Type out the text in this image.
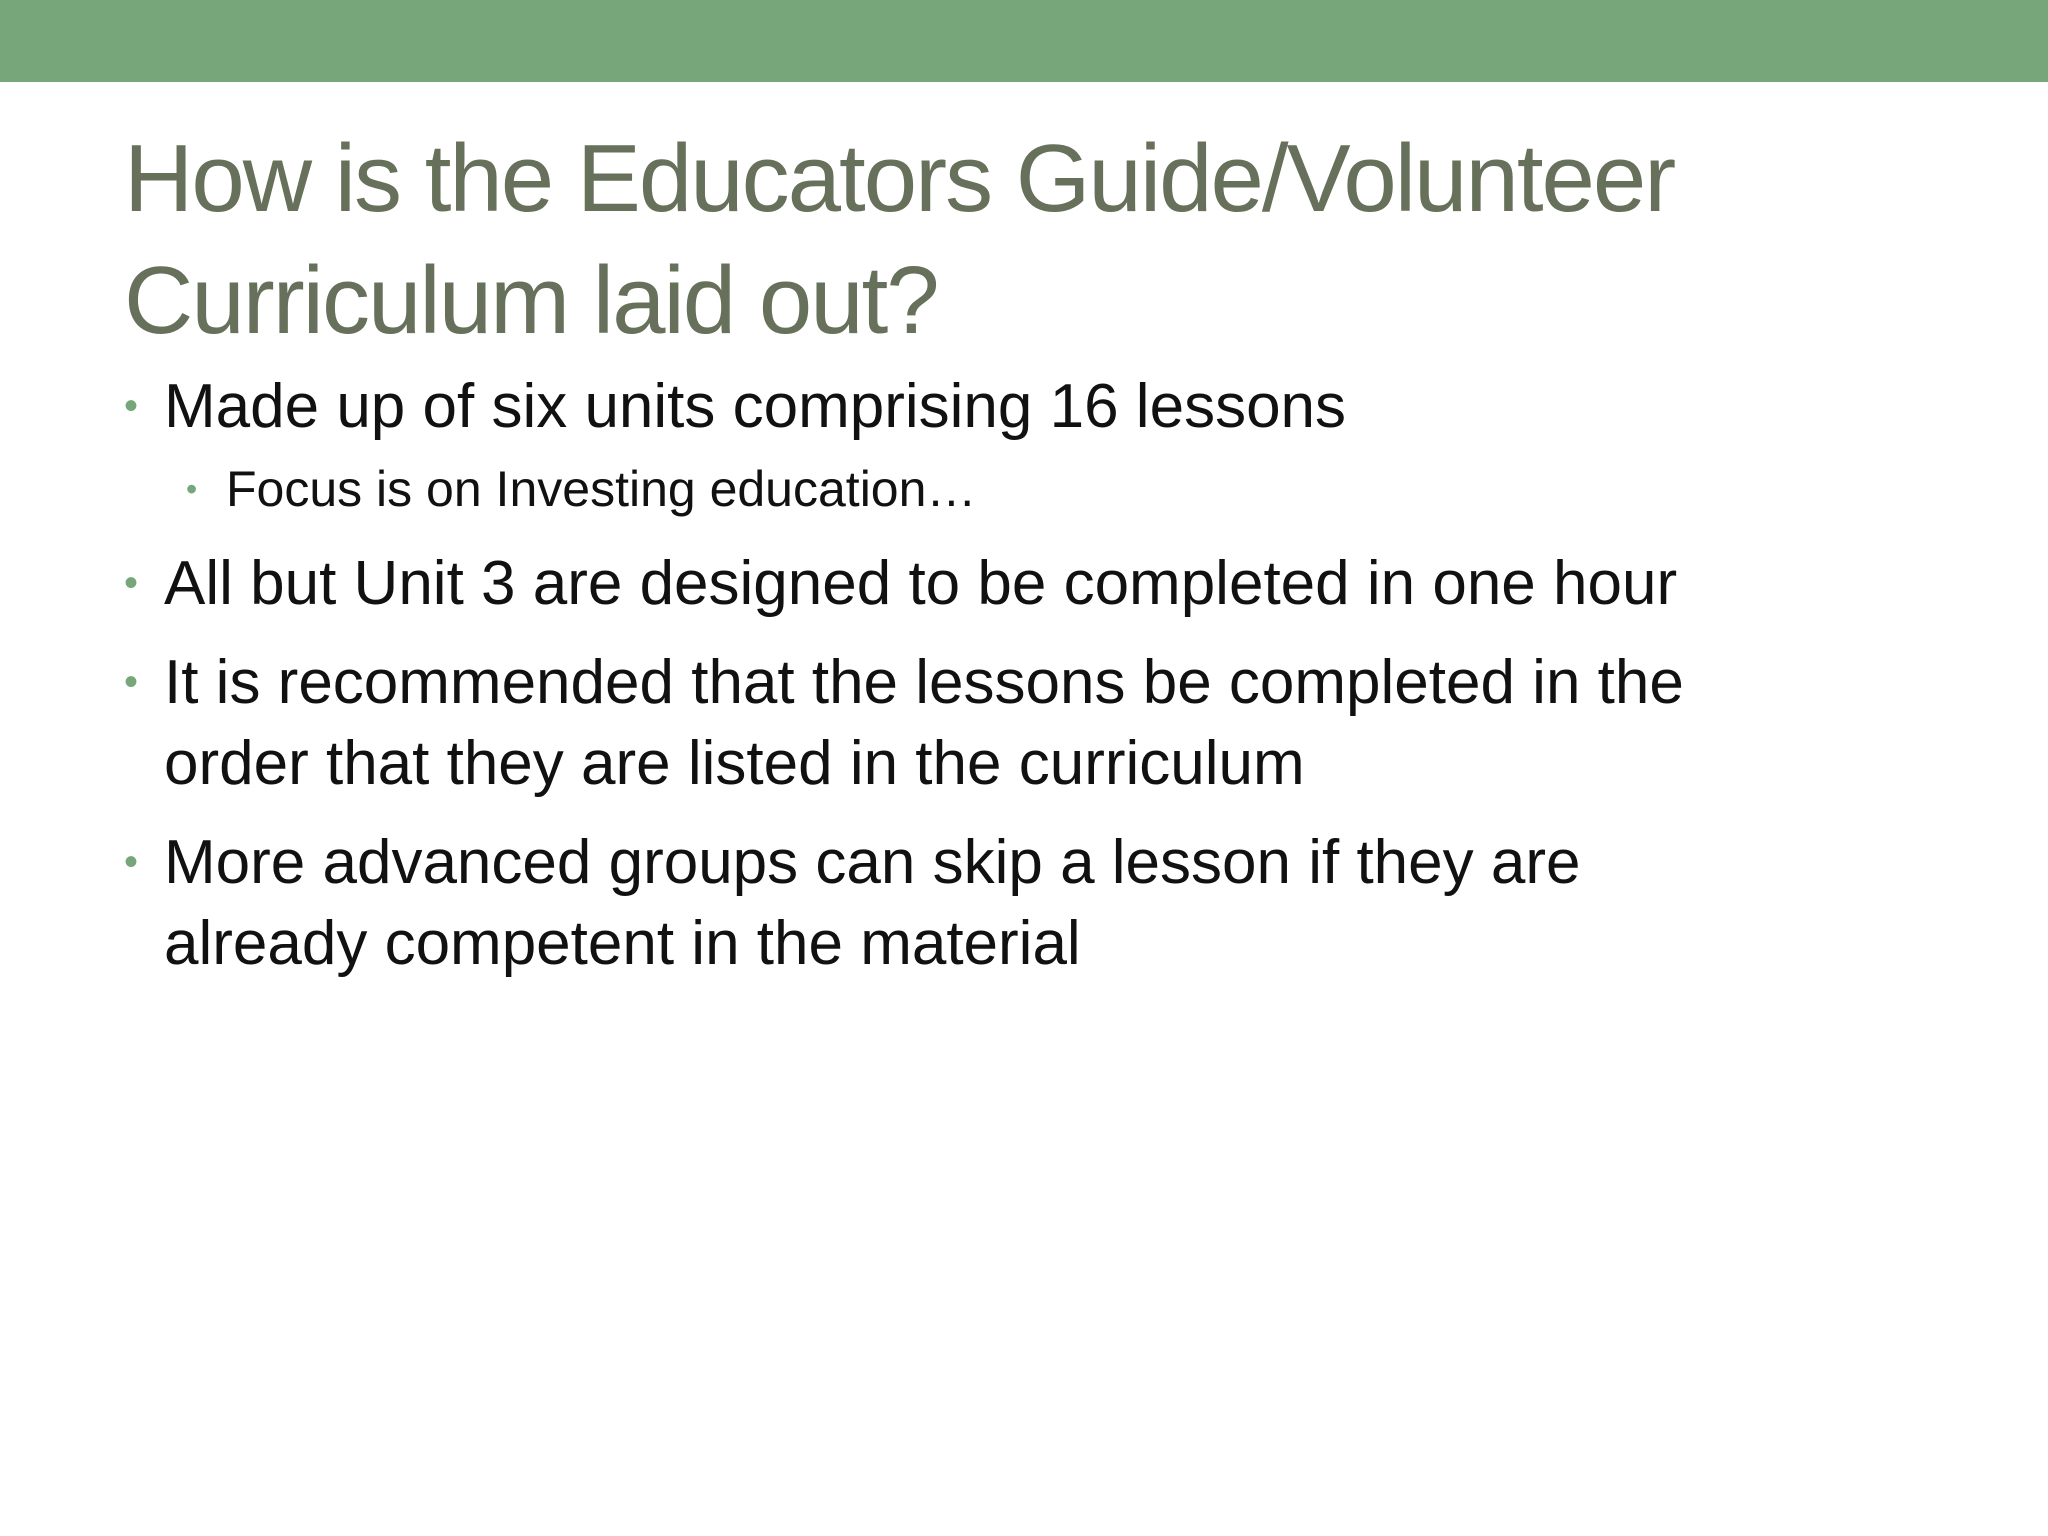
How is the Educators Guide/Volunteer
Curriculum laid out?
• Made up of six units comprising 16 lessons
• Focus is on Investing education…
• All but Unit 3 are designed to be completed in one hour
• It is recommended that the lessons be completed in the
order that they are listed in the curriculum
• More advanced groups can skip a lesson if they are
already competent in the material
